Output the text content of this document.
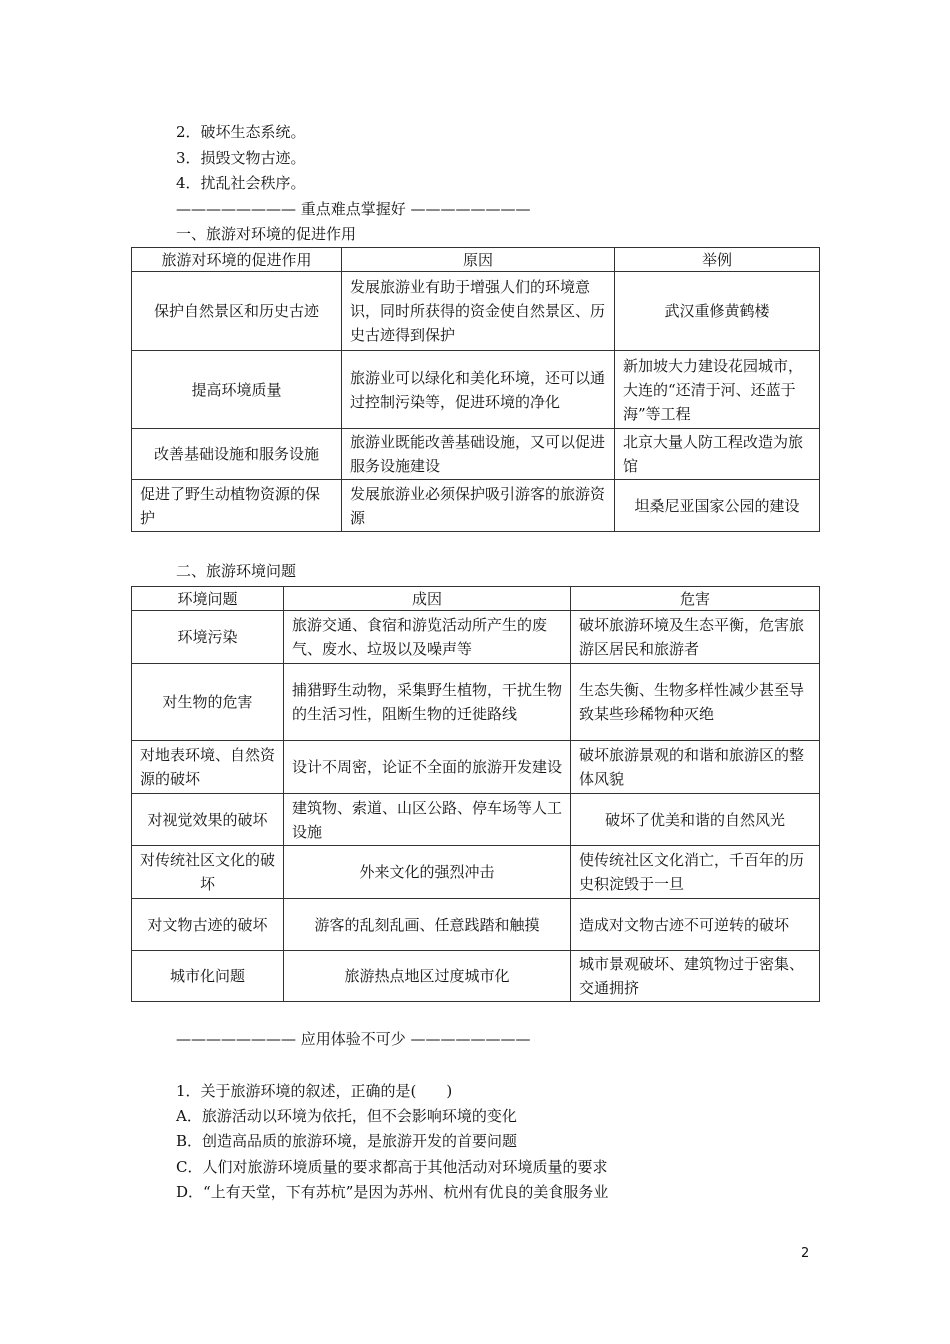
2．破坏生态系统。
3．损毁文物古迹。
4．扰乱社会秩序。
———————— 重点难点掌握好 ————————
一、旅游对环境的促进作用
旅游对环境的促进作用	原因	举例
保护自然景区和历史古迹	发展旅游业有助于增强人们的环境意识，同时所获得的资金使自然景区、历史古迹得到保护	武汉重修黄鹤楼
提高环境质量	旅游业可以绿化和美化环境，还可以通过控制污染等，促进环境的净化	新加坡大力建设花园城市，大连的“还清于河、还蓝于海”等工程
改善基础设施和服务设施	旅游业既能改善基础设施，又可以促进服务设施建设	北京大量人防工程改造为旅馆
促进了野生动植物资源的保护	发展旅游业必须保护吸引游客的旅游资源	坦桑尼亚国家公园的建设
二、旅游环境问题
环境问题	成因	危害
环境污染	旅游交通、食宿和游览活动所产生的废气、废水、垃圾以及噪声等	破坏旅游环境及生态平衡，危害旅游区居民和旅游者
对生物的危害	捕猎野生动物，采集野生植物，干扰生物的生活习性，阻断生物的迁徙路线	生态失衡、生物多样性减少甚至导致某些珍稀物种灭绝
对地表环境、自然资源的破坏	设计不周密，论证不全面的旅游开发建设	破坏旅游景观的和谐和旅游区的整体风貌
对视觉效果的破坏	建筑物、索道、山区公路、停车场等人工设施	破坏了优美和谐的自然风光
对传统社区文化的破坏	外来文化的强烈冲击	使传统社区文化消亡，千百年的历史积淀毁于一旦
对文物古迹的破坏	游客的乱刻乱画、任意践踏和触摸	造成对文物古迹不可逆转的破坏
城市化问题	旅游热点地区过度城市化	城市景观破坏、建筑物过于密集、交通拥挤
———————— 应用体验不可少 ————————
1．关于旅游环境的叙述，正确的是(　　)
A．旅游活动以环境为依托，但不会影响环境的变化
B．创造高品质的旅游环境，是旅游开发的首要问题
C．人们对旅游环境质量的要求都高于其他活动对环境质量的要求
D．“上有天堂，下有苏杭”是因为苏州、杭州有优良的美食服务业
2
